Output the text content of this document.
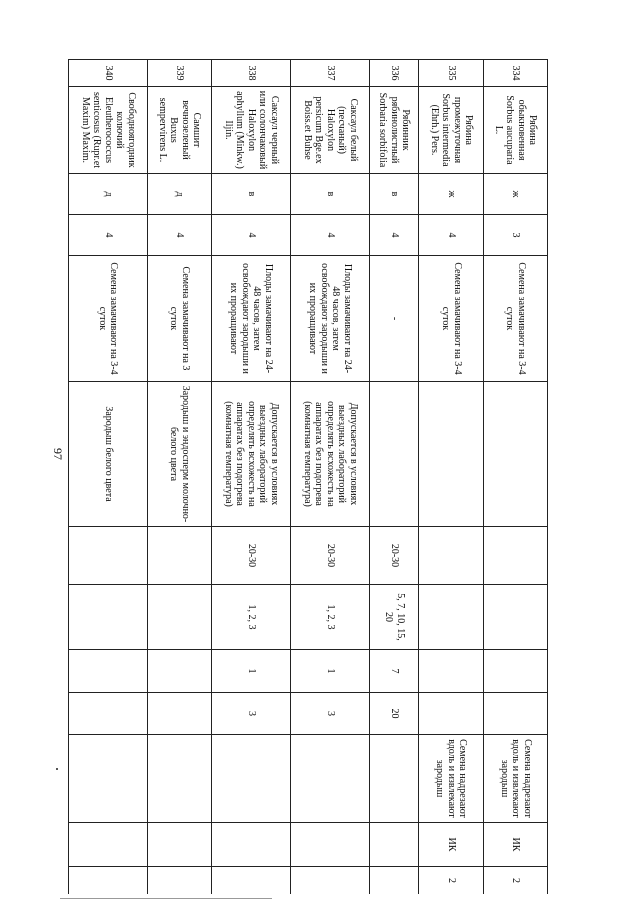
97
334	Рябина обыкновенная Sorbus aucuparia L.	ж	3	Семена замачивают на 3-4 суток						Семена надрезают вдоль и извлекают зародыш	ИК	2
335	Рябина промежуточная Sorbus intermedia (Ehrh.) Pers.	ж	4	Семена замачивают на 3-4 суток						Семена надрезают вдоль и извлекают зародыш	ИК	2
336	Рябинник рябинолистный Sorbaria sorbifolia	в	4	-		20-30	5, 7, 10, 15, 20	7	20			
337	Саксаул белый (песчаный) Haloxylon persicum Bge.ex Boiss.et Buhse	в	4	Плоды замачивают на 24-48 часов, затем освобождают зародыши и их проращивают	Допускается в условиях выездных лабораторий определять всхожесть на аппаратах без подогрева (комнатная температура)	20-30	1, 2, 3	1	3			
338	Саксаул черный или солончаковый Haloxylon aphyllum (Minkw.) Iljin.	в	4	Плоды замачивают на 24-48 часов, затем освобождают зародыши и их проращивают	Допускается в условиях выездных лабораторий определять всхожесть на аппаратах без подогрева (комнатная температура)	20-30	1, 2, 3	1	3			
339	Самшит вечнозеленый Buxus sempervirens L.	д	4	Семена замачивают на 3 суток	Зародыш и эндосперм молочно-белого цвета							
340	Свободноягодник колючий Eleutherococcus senticosus (Rupr.et Maxim) Maxim.	д	4	Семена замачивают на 3-4 суток	Зародыш белого цвета							
